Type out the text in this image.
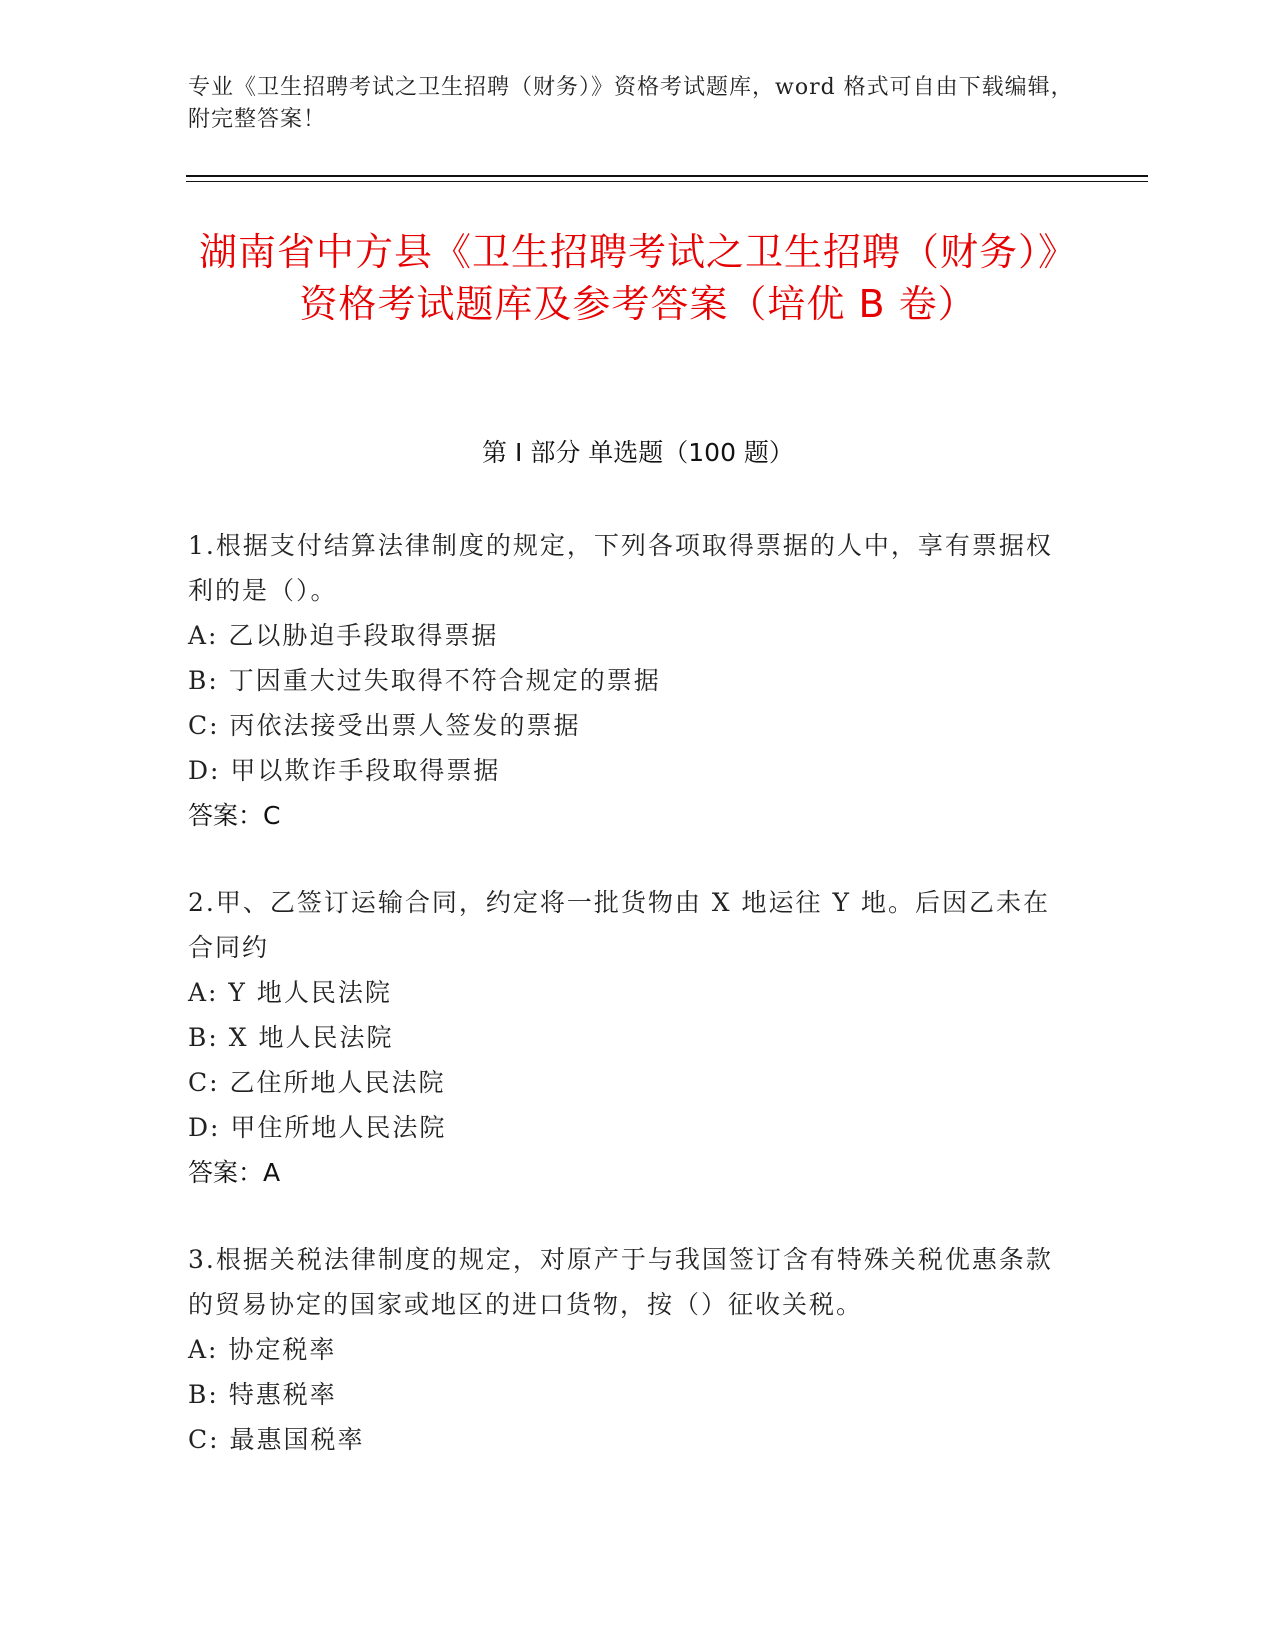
专业《卫生招聘考试之卫生招聘（财务）》资格考试题库，word 格式可自由下载编辑，附完整答案！
湖南省中方县《卫生招聘考试之卫生招聘（财务）》资格考试题库及参考答案（培优 B 卷）
第 I 部分 单选题（100 题）
1.根据支付结算法律制度的规定，下列各项取得票据的人中，享有票据权利的是（）。
A: 乙以胁迫手段取得票据
B: 丁因重大过失取得不符合规定的票据
C: 丙依法接受出票人签发的票据
D: 甲以欺诈手段取得票据
答案：C
2.甲、乙签订运输合同，约定将一批货物由 X 地运往 Y 地。后因乙未在合同约
A: Y 地人民法院
B: X 地人民法院
C: 乙住所地人民法院
D: 甲住所地人民法院
答案：A
3.根据关税法律制度的规定，对原产于与我国签订含有特殊关税优惠条款的贸易协定的国家或地区的进口货物，按（）征收关税。
A: 协定税率
B: 特惠税率
C: 最惠国税率
